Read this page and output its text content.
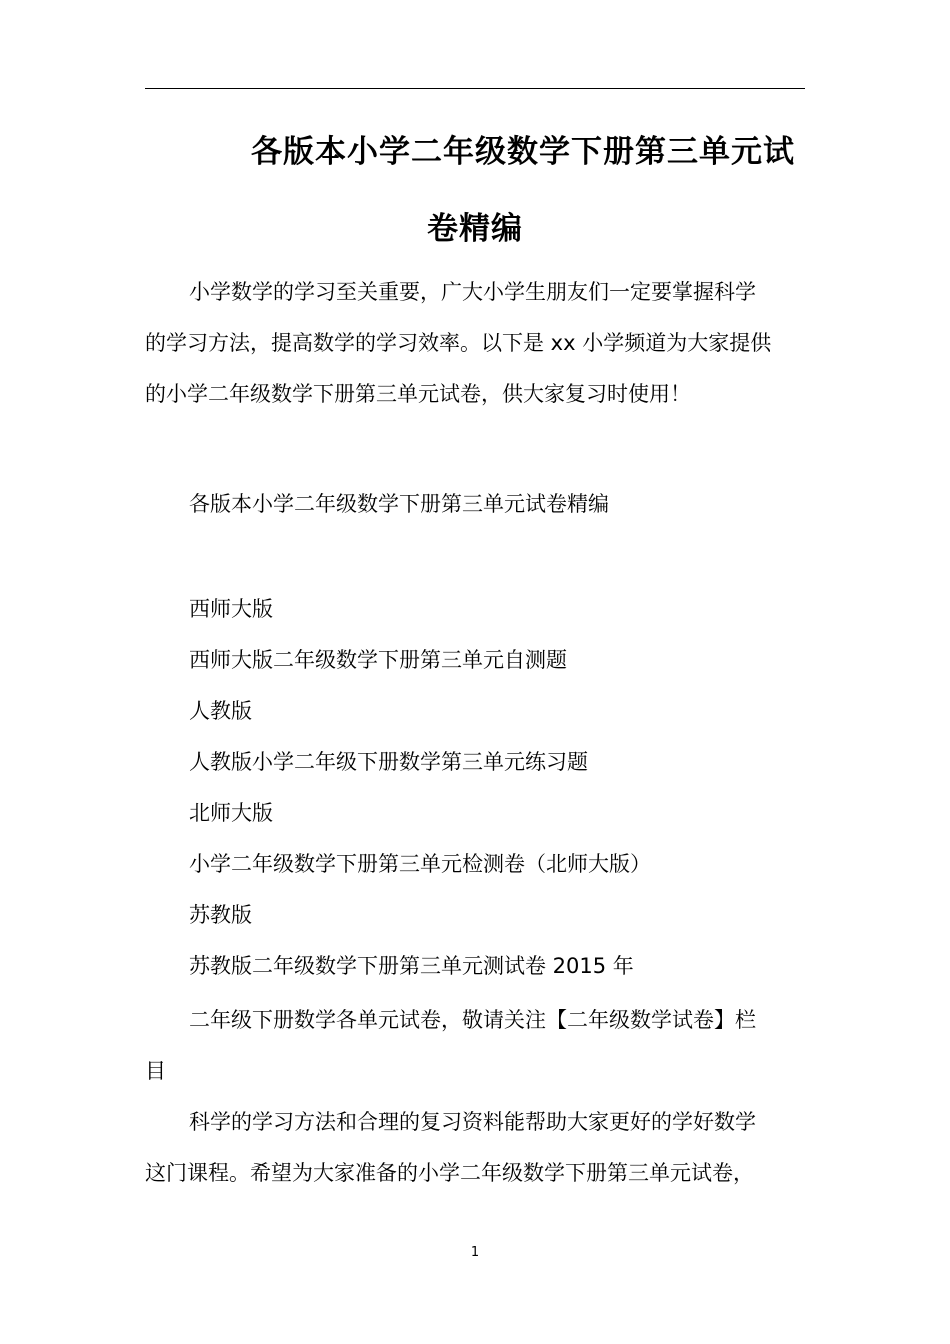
各版本小学二年级数学下册第三单元试
卷精编
小学数学的学习至关重要，广大小学生朋友们一定要掌握科学
的学习方法，提高数学的学习效率。以下是 xx 小学频道为大家提供
的小学二年级数学下册第三单元试卷，供大家复习时使用！
各版本小学二年级数学下册第三单元试卷精编
西师大版
西师大版二年级数学下册第三单元自测题
人教版
人教版小学二年级下册数学第三单元练习题
北师大版
小学二年级数学下册第三单元检测卷（北师大版）
苏教版
苏教版二年级数学下册第三单元测试卷 2015 年
二年级下册数学各单元试卷，敬请关注【二年级数学试卷】栏
目
科学的学习方法和合理的复习资料能帮助大家更好的学好数学
这门课程。希望为大家准备的小学二年级数学下册第三单元试卷，
1
